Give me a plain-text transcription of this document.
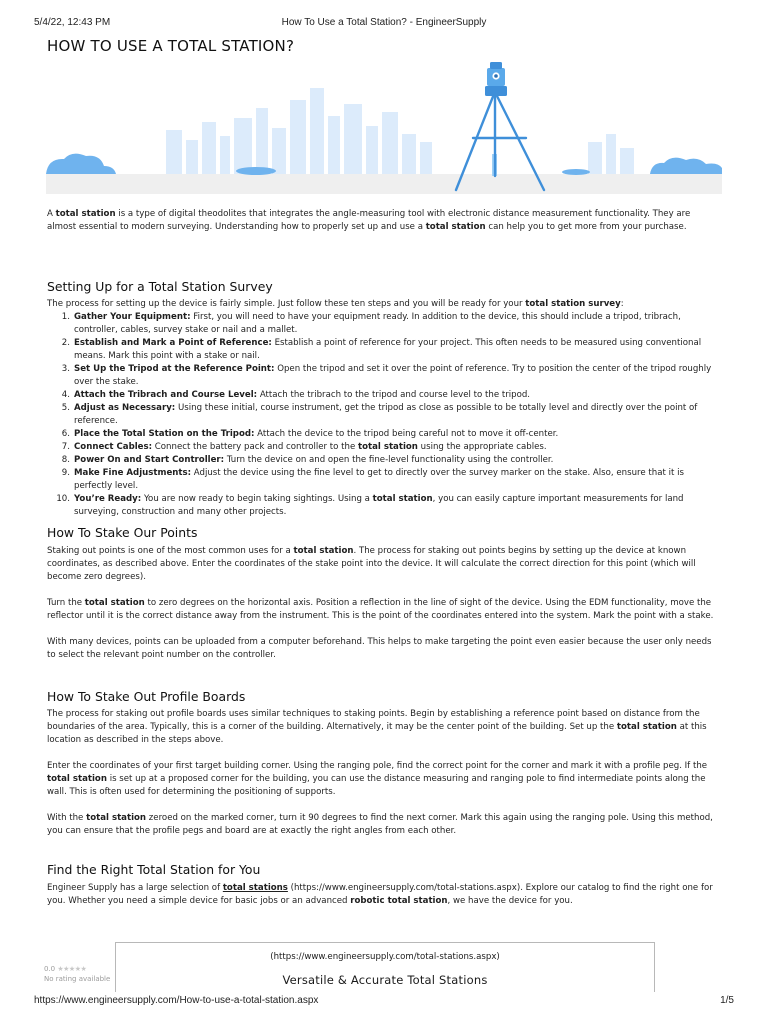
5/4/22, 12:43 PM	How To Use a Total Station? - EngineerSupply
HOW TO USE A TOTAL STATION?

A total station is a type of digital theodolites that integrates the angle-measuring tool with electronic distance measurement functionality. They are almost essential to modern surveying. Understanding how to properly set up and use a total station can help you to get more from your purchase.

Setting Up for a Total Station Survey

The process for setting up the device is fairly simple. Just follow these ten steps and you will be ready for your total station survey:

Gather Your Equipment: First, you will need to have your equipment ready. In addition to the device, this should include a tripod, tribrach, controller, cables, survey stake or nail and a mallet.
Establish and Mark a Point of Reference: Establish a point of reference for your project. This often needs to be measured using conventional means. Mark this point with a stake or nail.
Set Up the Tripod at the Reference Point: Open the tripod and set it over the point of reference. Try to position the center of the tripod roughly over the stake.
Attach the Tribrach and Course Level: Attach the tribrach to the tripod and course level to the tripod.
Adjust as Necessary: Using these initial, course instrument, get the tripod as close as possible to be totally level and directly over the point of reference.
Place the Total Station on the Tripod: Attach the device to the tripod being careful not to move it off-center.
Connect Cables: Connect the battery pack and controller to the total station using the appropriate cables.
Power On and Start Controller: Turn the device on and open the fine-level functionality using the controller.
Make Fine Adjustments: Adjust the device using the fine level to get to directly over the survey marker on the stake. Also, ensure that it is perfectly level.
You’re Ready: You are now ready to begin taking sightings. Using a total station, you can easily capture important measurements for land surveying, construction and many other projects.
How To Stake Our Points

Staking out points is one of the most common uses for a total station. The process for staking out points begins by setting up the device at known coordinates, as described above. Enter the coordinates of the stake point into the device. It will calculate the correct direction for this point (which will become zero degrees).

Turn the total station to zero degrees on the horizontal axis. Position a reflection in the line of sight of the device. Using the EDM functionality, move the reflector until it is the correct distance away from the instrument. This is the point of the coordinates entered into the system. Mark the point with a stake.

With many devices, points can be uploaded from a computer beforehand. This helps to make targeting the point even easier because the user only needs to select the relevant point number on the controller.

How To Stake Out Profile Boards

The process for staking out profile boards uses similar techniques to staking points. Begin by establishing a reference point based on distance from the boundaries of the area. Typically, this is a corner of the building. Alternatively, it may be the center point of the building. Set up the total station at this location as described in the steps above.

Enter the coordinates of your first target building corner. Using the ranging pole, find the correct point for the corner and mark it with a profile peg. If the total station is set up at a proposed corner for the building, you can use the distance measuring and ranging pole to find intermediate points along the wall. This is often used for determining the positioning of supports.

With the total station zeroed on the marked corner, turn it 90 degrees to find the next corner. Mark this again using the ranging pole. Using this method, you can ensure that the profile pegs and board are at exactly the right angles from each other.

Find the Right Total Station for You

Engineer Supply has a large selection of total stations (https://www.engineersupply.com/total-stations.aspx). Explore our catalog to find the right one for you. Whether you need a simple device for basic jobs or an advanced robotic total station, we have the device for you.

(https://www.engineersupply.com/total-stations.aspx)
Versatile & Accurate Total Stations
0.0 ★★★★★
No rating available
https://www.engineersupply.com/How-to-use-a-total-station.aspx	1/5
